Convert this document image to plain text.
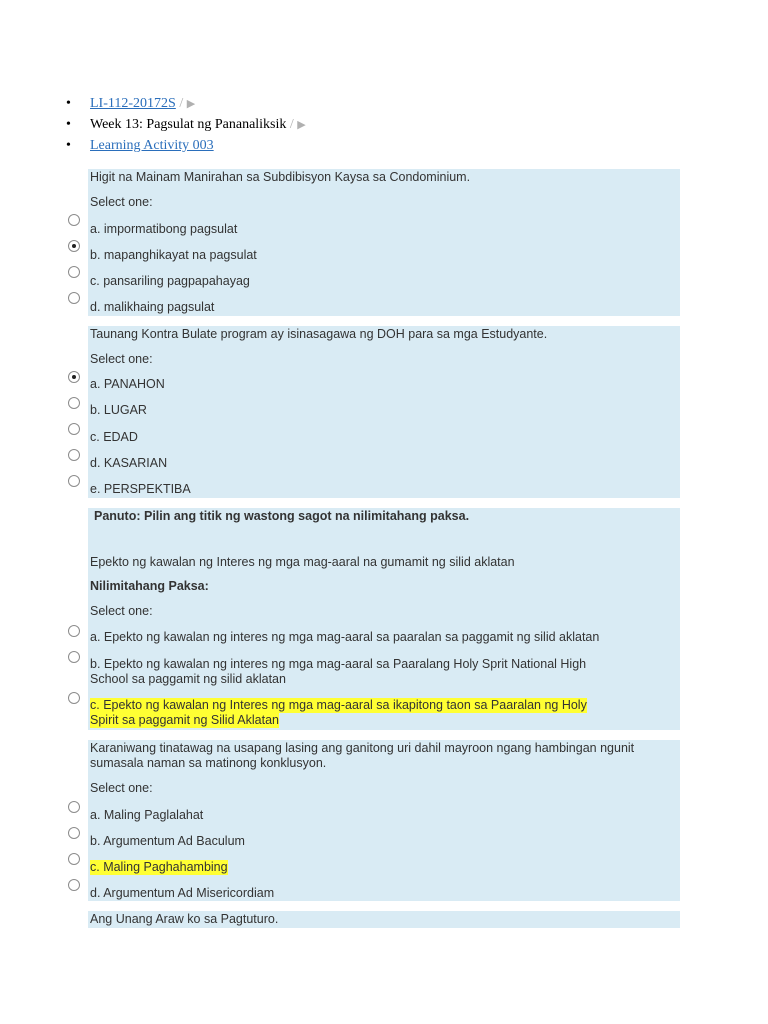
• LI-112-20172S / ▶
• Week 13: Pagsulat ng Pananaliksik / ▶
• Learning Activity 003
Higit na Mainam Manirahan sa Subdibisyon Kaysa sa Condominium.
Select one:
a. impormatibong pagsulat
b. mapanghikayat na pagsulat
c. pansariling pagpapahayag
d. malikhaing pagsulat
Taunang Kontra Bulate program ay isinasagawa ng DOH para sa mga Estudyante.
Select one:
a. PANAHON
b. LUGAR
c. EDAD
d. KASARIAN
e. PERSPEKTIBA
Panuto: Pilin ang titik ng wastong sagot na nilimitahang paksa.
Epekto ng kawalan ng Interes ng mga mag-aaral na gumamit ng silid aklatan
Nilimitahang Paksa:
Select one:
a. Epekto ng kawalan ng interes ng mga mag-aaral sa paaralan sa paggamit ng silid aklatan
b. Epekto ng kawalan ng interes ng mga mag-aaral sa Paaralang Holy Sprit National High
School sa paggamit ng silid aklatan
c. Epekto ng kawalan ng Interes ng mga mag-aaral sa ikapitong taon sa Paaralan ng Holy
Spirit sa paggamit ng Silid Aklatan
Karaniwang tinatawag na usapang lasing ang ganitong uri dahil mayroon ngang hambingan ngunit
sumasala naman sa matinong konklusyon.
Select one:
a. Maling Paglalahat
b. Argumentum Ad Baculum
c. Maling Paghahambing
d. Argumentum Ad Misericordiam
Ang Unang Araw ko sa Pagtuturo.
